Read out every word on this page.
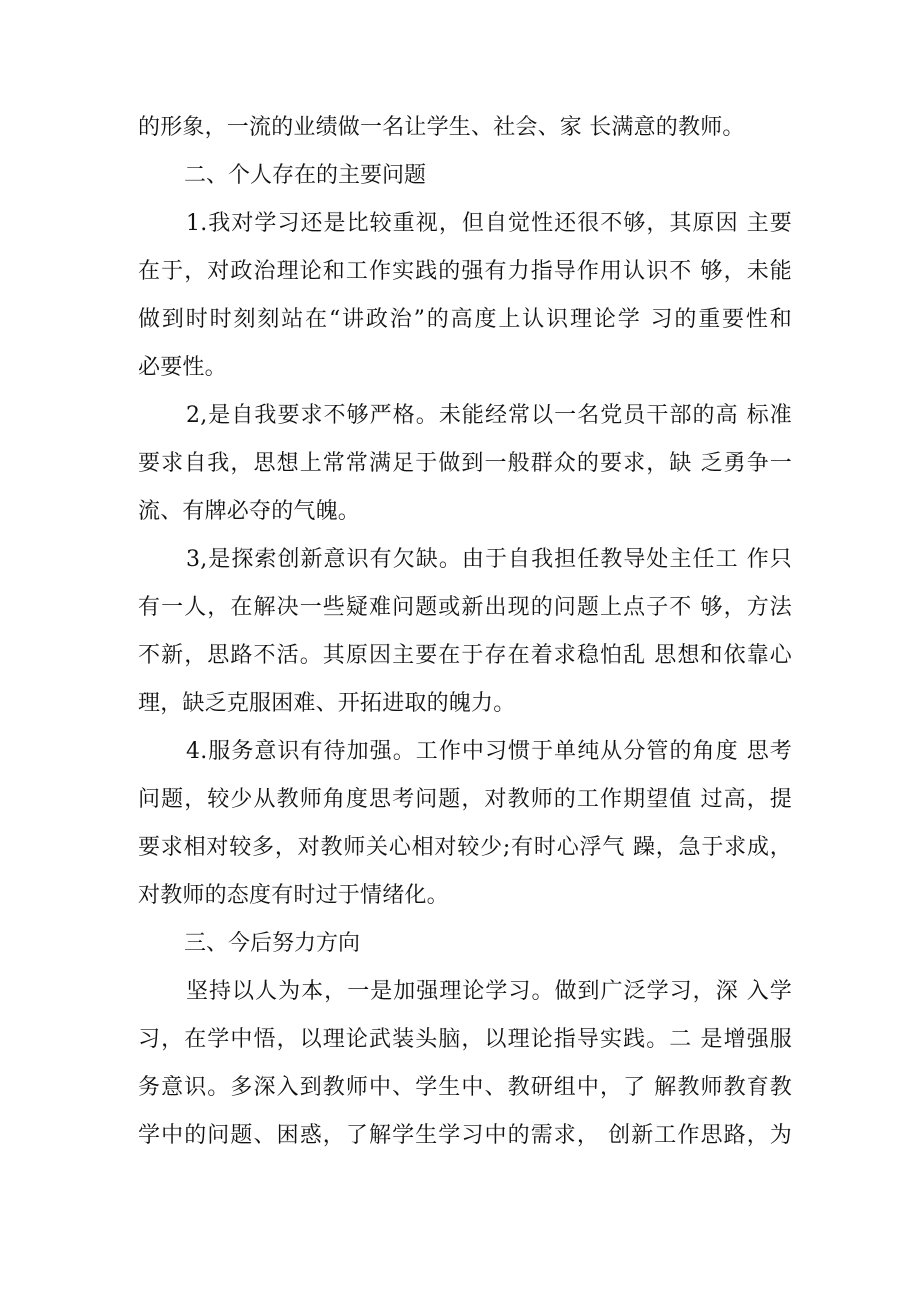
的形象，一流的业绩做一名让学生、社会、家 长满意的教师。
二、个人存在的主要问题
1.我对学习还是比较重视，但自觉性还很不够，其原因 主要
在于，对政治理论和工作实践的强有力指导作用认识不 够，未能
做到时时刻刻站在“讲政治”的高度上认识理论学 习的重要性和
必要性。
2,是自我要求不够严格。未能经常以一名党员干部的高 标准
要求自我，思想上常常满足于做到一般群众的要求，缺 乏勇争一
流、有牌必夺的气魄。
3,是探索创新意识有欠缺。由于自我担任教导处主任工 作只
有一人，在解决一些疑难问题或新出现的问题上点子不 够，方法
不新，思路不活。其原因主要在于存在着求稳怕乱 思想和依靠心
理，缺乏克服困难、开拓进取的魄力。
4.服务意识有待加强。工作中习惯于单纯从分管的角度 思考
问题，较少从教师角度思考问题，对教师的工作期望值 过高，提
要求相对较多，对教师关心相对较少;有时心浮气 躁，急于求成，
对教师的态度有时过于情绪化。
三、今后努力方向
坚持以人为本，一是加强理论学习。做到广泛学习，深 入学
习，在学中悟，以理论武装头脑，以理论指导实践。二 是增强服
务意识。多深入到教师中、学生中、教研组中，了 解教师教育教
学中的问题、困惑，了解学生学习中的需求， 创新工作思路，为
